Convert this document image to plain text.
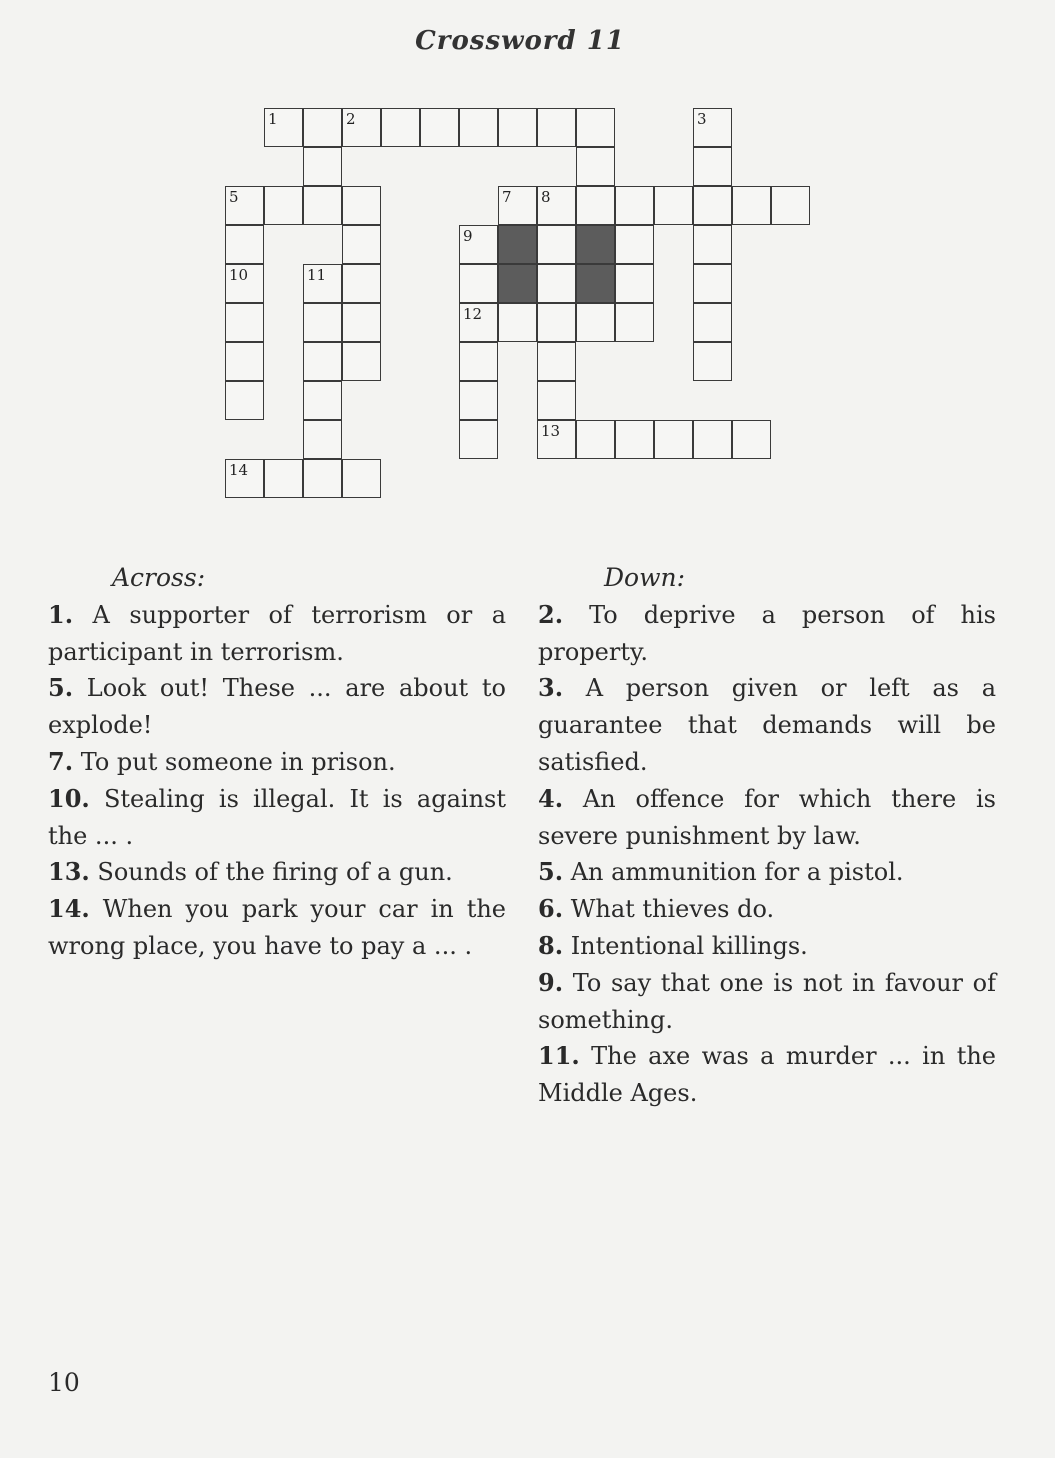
Crossword 11
1	2	3
5	7 8
9
10	11
12
13
14
Across:
1. A supporter of terrorism or a participant in terrorism.
5. Look out! These ... are about to explode!
7. To put someone in prison.
10. Stealing is illegal. It is against the ... .
13. Sounds of the firing of a gun.
14. When you park your car in the wrong place, you have to pay a ... .
Down:
2. To deprive a person of his property.
3. A person given or left as a guarantee that demands will be satisfied.
4. An offence for which there is severe punishment by law.
5. An ammunition for a pistol.
6. What thieves do.
8. Intentional killings.
9. To say that one is not in favour of something.
11. The axe was a murder ... in the Middle Ages.
10
